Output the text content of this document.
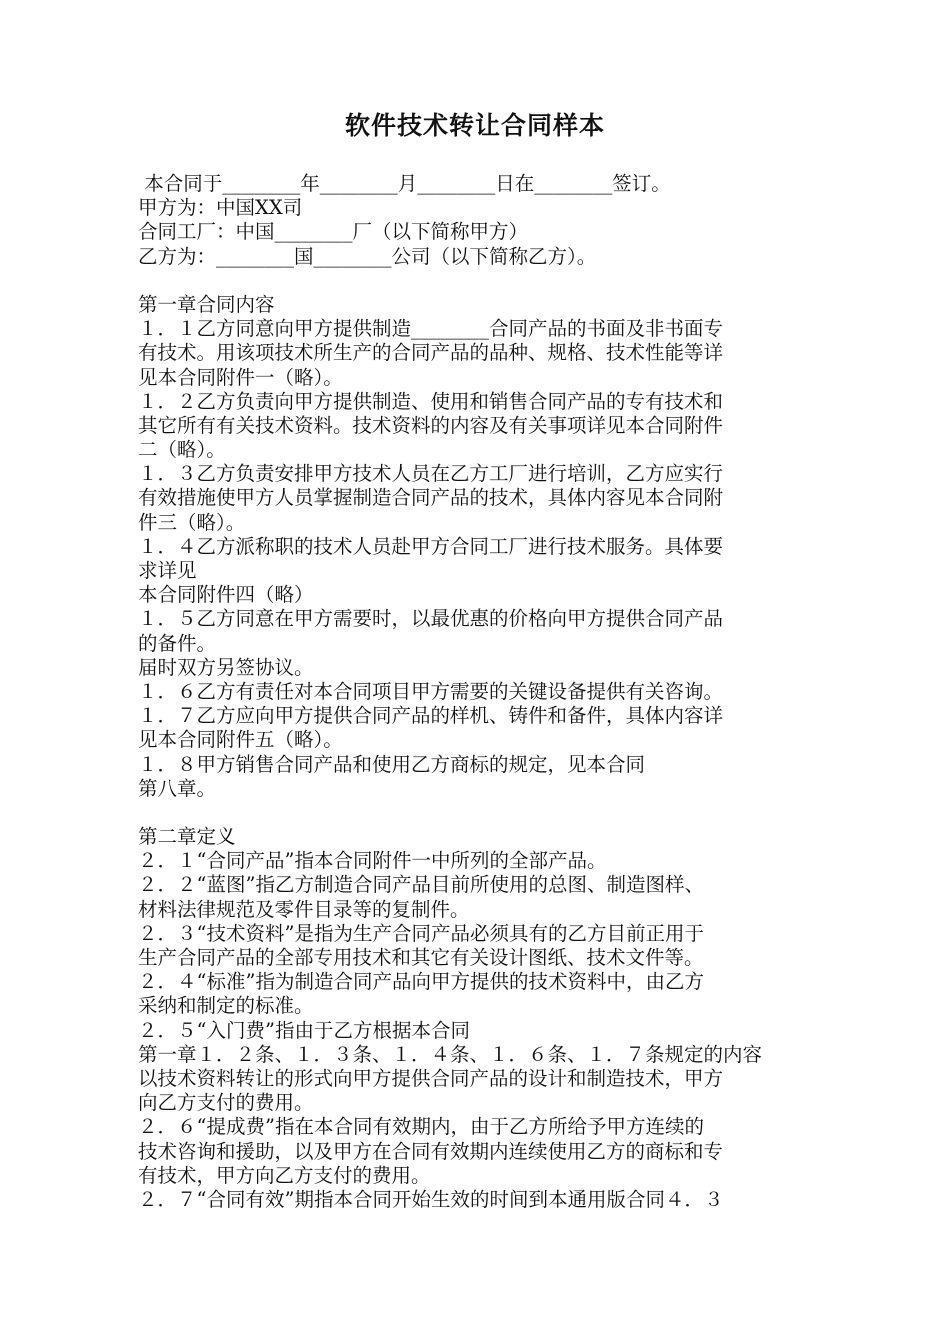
软件技术转让合同样本
本合同于________年________月________日在________签订。
甲方为：中国XX司
合同工厂：中国________厂（以下简称甲方）
乙方为：________国________公司（以下简称乙方）。
第一章合同内容
１．１乙方同意向甲方提供制造________合同产品的书面及非书面专
有技术。用该项技术所生产的合同产品的品种、规格、技术性能等详
见本合同附件一（略）。
１．２乙方负责向甲方提供制造、使用和销售合同产品的专有技术和
其它所有有关技术资料。技术资料的内容及有关事项详见本合同附件
二（略）。
１．３乙方负责安排甲方技术人员在乙方工厂进行培训，乙方应实行
有效措施使甲方人员掌握制造合同产品的技术，具体内容见本合同附
件三（略）。
１．４乙方派称职的技术人员赴甲方合同工厂进行技术服务。具体要
求详见
本合同附件四（略）
１．５乙方同意在甲方需要时，以最优惠的价格向甲方提供合同产品
的备件。
届时双方另签协议。
１．６乙方有责任对本合同项目甲方需要的关键设备提供有关咨询。
１．７乙方应向甲方提供合同产品的样机、铸件和备件，具体内容详
见本合同附件五（略）。
１．８甲方销售合同产品和使用乙方商标的规定，见本合同
第八章。
第二章定义
２．１“合同产品”指本合同附件一中所列的全部产品。
２．２“蓝图”指乙方制造合同产品目前所使用的总图、制造图样、
材料法律规范及零件目录等的复制件。
２．３“技术资料”是指为生产合同产品必须具有的乙方目前正用于
生产合同产品的全部专用技术和其它有关设计图纸、技术文件等。
２．４“标准”指为制造合同产品向甲方提供的技术资料中，由乙方
采纳和制定的标准。
２．５“入门费”指由于乙方根据本合同
第一章１．２条、１．３条、１．４条、１．６条、１．７条规定的内容
以技术资料转让的形式向甲方提供合同产品的设计和制造技术，甲方
向乙方支付的费用。
２．６“提成费”指在本合同有效期内，由于乙方所给予甲方连续的
技术咨询和援助，以及甲方在合同有效期内连续使用乙方的商标和专
有技术，甲方向乙方支付的费用。
２．７“合同有效”期指本合同开始生效的时间到本通用版合同４．３
